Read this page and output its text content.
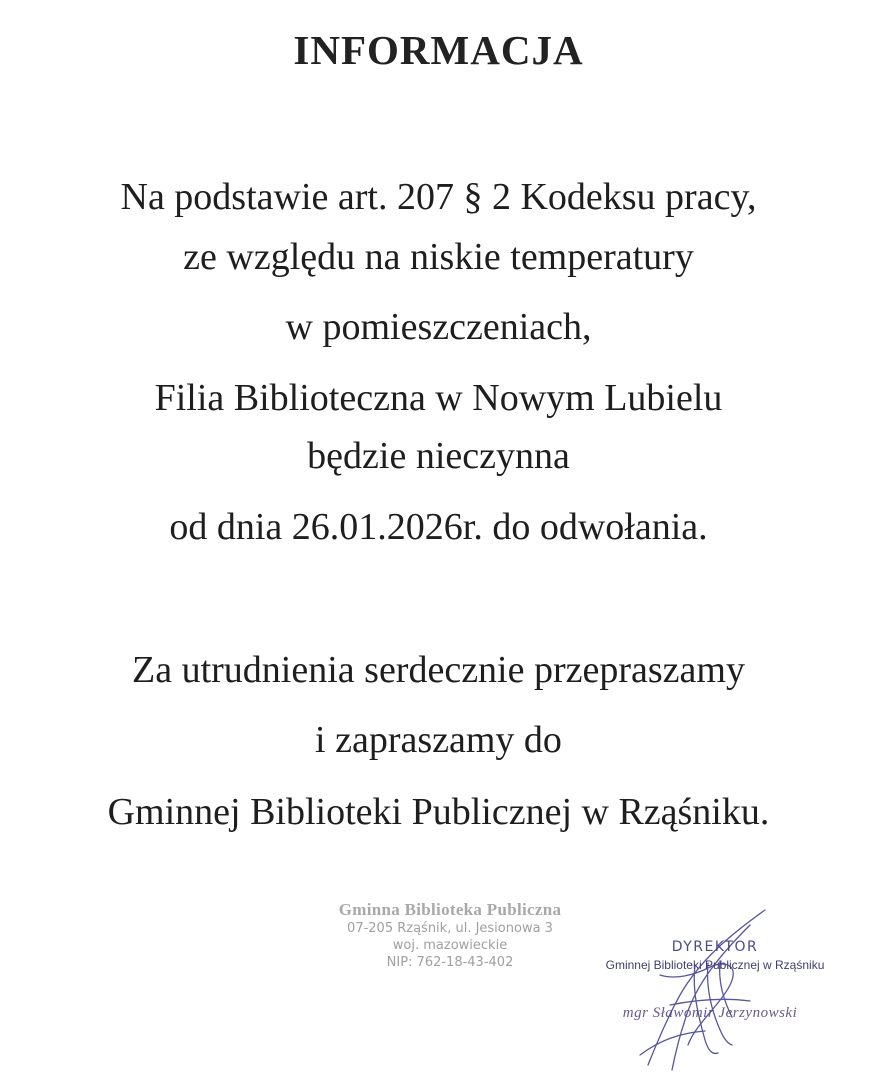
INFORMACJA
Na podstawie art. 207 § 2 Kodeksu pracy,
ze względu na niskie temperatury
w pomieszczeniach,
Filia Biblioteczna w Nowym Lubielu
będzie nieczynna
od dnia 26.01.2026r. do odwołania.
Za utrudnienia serdecznie przepraszamy
i zapraszamy do
Gminnej Biblioteki Publicznej w Rząśniku.
Gminna Biblioteka Publiczna
07-205 Rząśnik, ul. Jesionowa 3
woj. mazowieckie
NIP: 762-18-43-402
DYREKTOR
Gminnej Biblioteki Publicznej w Rząśniku
mgr Sławomir Jerzynowski
